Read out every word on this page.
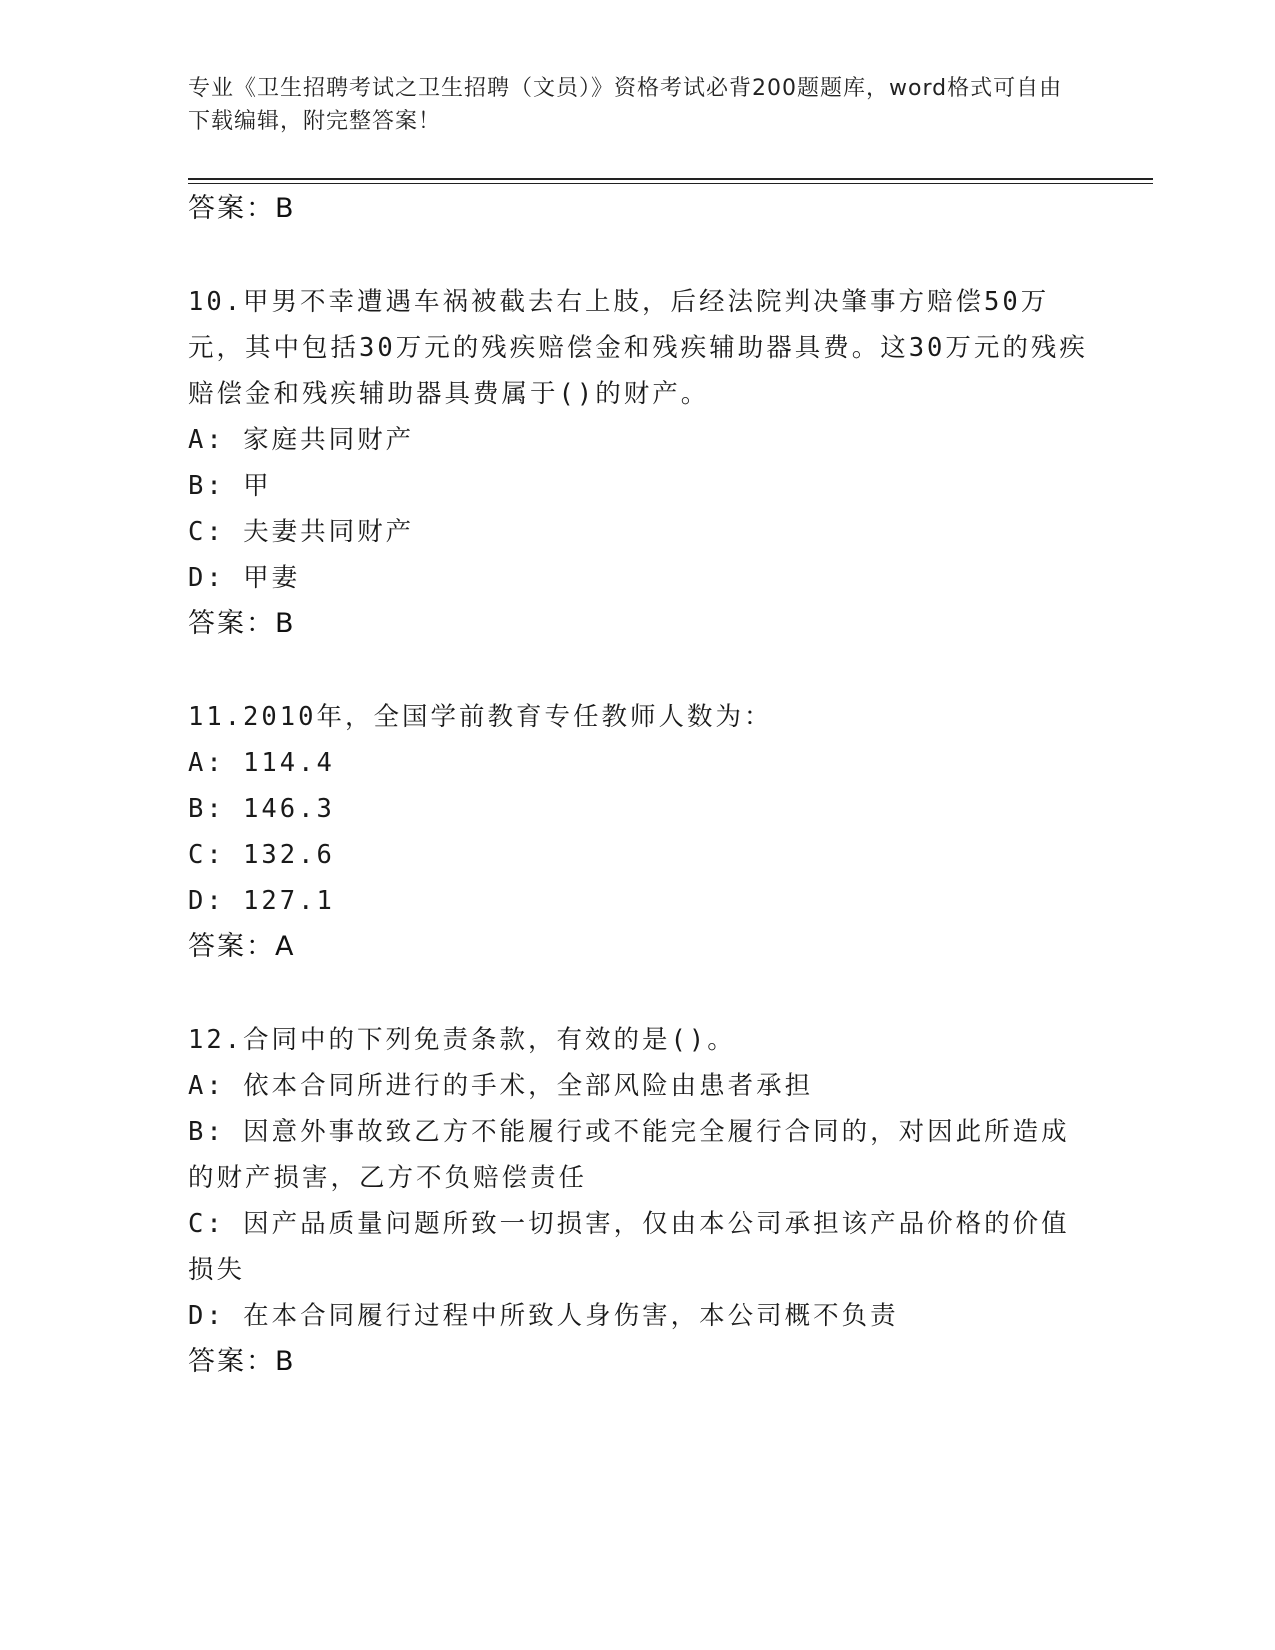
专业《卫生招聘考试之卫生招聘（文员）》资格考试必背200题题库，word格式可自由下载编辑，附完整答案！
答案：B
10.甲男不幸遭遇车祸被截去右上肢，后经法院判决肇事方赔偿50万元，其中包括30万元的残疾赔偿金和残疾辅助器具费。这30万元的残疾赔偿金和残疾辅助器具费属于()的财产。
A: 家庭共同财产
B: 甲
C: 夫妻共同财产
D: 甲妻
答案：B
11.2010年，全国学前教育专任教师人数为：
A: 114.4
B: 146.3
C: 132.6
D: 127.1
答案：A
12.合同中的下列免责条款，有效的是()。
A: 依本合同所进行的手术，全部风险由患者承担
B: 因意外事故致乙方不能履行或不能完全履行合同的，对因此所造成的财产损害，乙方不负赔偿责任
C: 因产品质量问题所致一切损害，仅由本公司承担该产品价格的价值损失
D: 在本合同履行过程中所致人身伤害，本公司概不负责
答案：B
